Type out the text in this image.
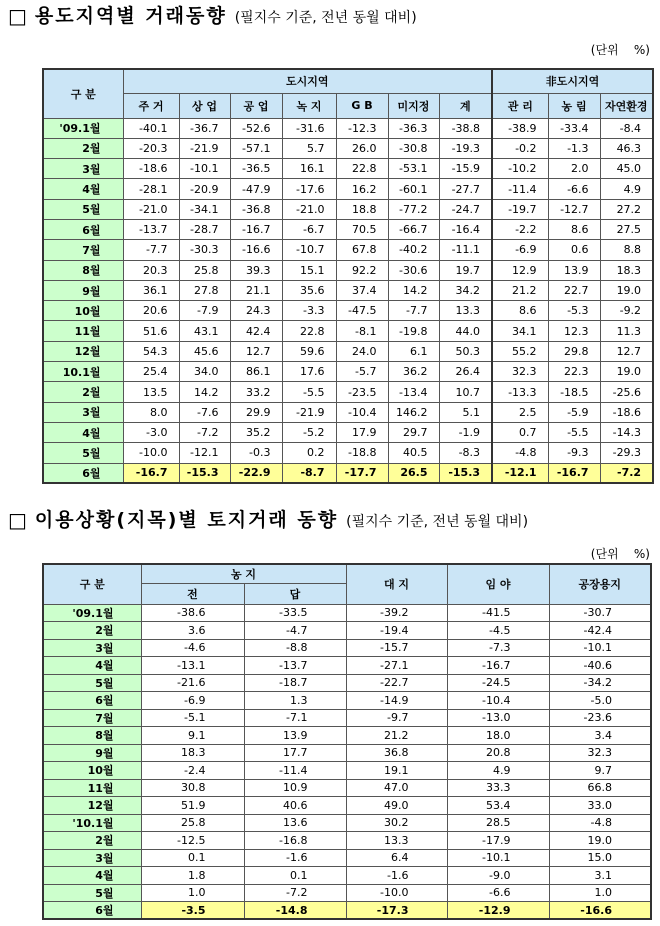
□ 용도지역별 거래동향 (필지수 기준, 전년 동월 대비)
(단위    %)
구 분	도시지역							非도시지역		
	주 거	상 업	공 업	녹 지	G B	미지정	계	관 리	농 림	자연환경
'09.1월	-40.1	-36.7	-52.6	-31.6	-12.3	-36.3	-38.8	-38.9	-33.4	-8.4
2월	-20.3	-21.9	-57.1	5.7	26.0	-30.8	-19.3	-0.2	-1.3	46.3
3월	-18.6	-10.1	-36.5	16.1	22.8	-53.1	-15.9	-10.2	2.0	45.0
4월	-28.1	-20.9	-47.9	-17.6	16.2	-60.1	-27.7	-11.4	-6.6	4.9
5월	-21.0	-34.1	-36.8	-21.0	18.8	-77.2	-24.7	-19.7	-12.7	27.2
6월	-13.7	-28.7	-16.7	-6.7	70.5	-66.7	-16.4	-2.2	8.6	27.5
7월	-7.7	-30.3	-16.6	-10.7	67.8	-40.2	-11.1	-6.9	0.6	8.8
8월	20.3	25.8	39.3	15.1	92.2	-30.6	19.7	12.9	13.9	18.3
9월	36.1	27.8	21.1	35.6	37.4	14.2	34.2	21.2	22.7	19.0
10월	20.6	-7.9	24.3	-3.3	-47.5	-7.7	13.3	8.6	-5.3	-9.2
11월	51.6	43.1	42.4	22.8	-8.1	-19.8	44.0	34.1	12.3	11.3
12월	54.3	45.6	12.7	59.6	24.0	6.1	50.3	55.2	29.8	12.7
10.1월	25.4	34.0	86.1	17.6	-5.7	36.2	26.4	32.3	22.3	19.0
2월	13.5	14.2	33.2	-5.5	-23.5	-13.4	10.7	-13.3	-18.5	-25.6
3월	8.0	-7.6	29.9	-21.9	-10.4	146.2	5.1	2.5	-5.9	-18.6
4월	-3.0	-7.2	35.2	-5.2	17.9	29.7	-1.9	0.7	-5.5	-14.3
5월	-10.0	-12.1	-0.3	0.2	-18.8	40.5	-8.3	-4.8	-9.3	-29.3
6월	-16.7	-15.3	-22.9	-8.7	-17.7	26.5	-15.3	-12.1	-16.7	-7.2
□ 이용상황(지목)별 토지거래 동향 (필지수 기준, 전년 동월 대비)
(단위    %)
구 분	농 지		대 지	임 야	공장용지
	전	답			
'09.1월	-38.6	-33.5	-39.2	-41.5	-30.7
2월	3.6	-4.7	-19.4	-4.5	-42.4
3월	-4.6	-8.8	-15.7	-7.3	-10.1
4월	-13.1	-13.7	-27.1	-16.7	-40.6
5월	-21.6	-18.7	-22.7	-24.5	-34.2
6월	-6.9	1.3	-14.9	-10.4	-5.0
7월	-5.1	-7.1	-9.7	-13.0	-23.6
8월	9.1	13.9	21.2	18.0	3.4
9월	18.3	17.7	36.8	20.8	32.3
10월	-2.4	-11.4	19.1	4.9	9.7
11월	30.8	10.9	47.0	33.3	66.8
12월	51.9	40.6	49.0	53.4	33.0
'10.1월	25.8	13.6	30.2	28.5	-4.8
2월	-12.5	-16.8	13.3	-17.9	19.0
3월	0.1	-1.6	6.4	-10.1	15.0
4월	1.8	0.1	-1.6	-9.0	3.1
5월	1.0	-7.2	-10.0	-6.6	1.0
6월	-3.5	-14.8	-17.3	-12.9	-16.6
